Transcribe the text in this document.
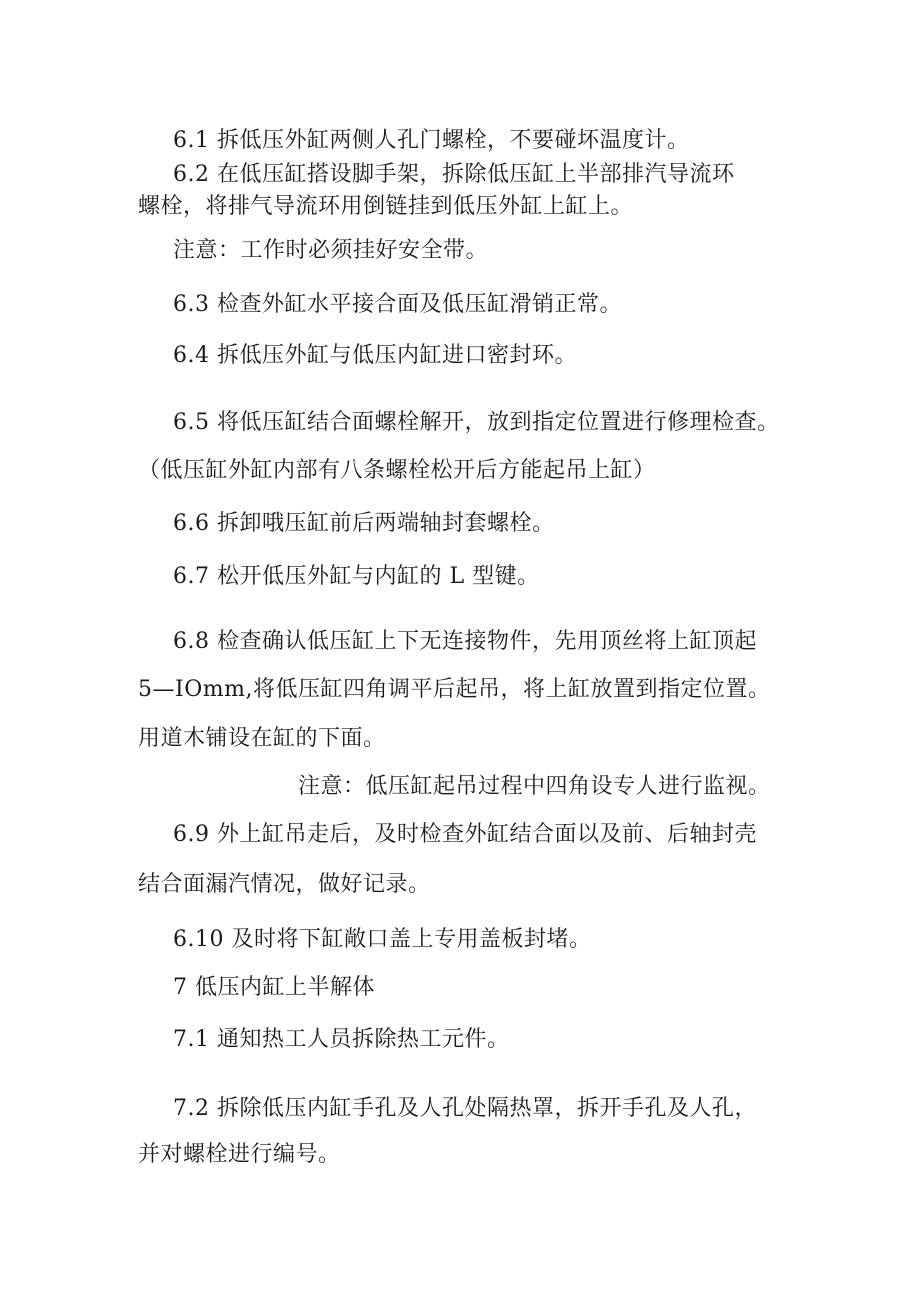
6.1 拆低压外缸两侧人孔门螺栓，不要碰坏温度计。
6.2 在低压缸搭设脚手架，拆除低压缸上半部排汽导流环
螺栓，将排气导流环用倒链挂到低压外缸上缸上。
注意：工作时必须挂好安全带。
6.3 检查外缸水平接合面及低压缸滑销正常。
6.4 拆低压外缸与低压内缸进口密封环。
6.5 将低压缸结合面螺栓解开，放到指定位置进行修理检查。
（低压缸外缸内部有八条螺栓松开后方能起吊上缸）
6.6 拆卸哦压缸前后两端轴封套螺栓。
6.7 松开低压外缸与内缸的 L 型键。
6.8 检查确认低压缸上下无连接物件，先用顶丝将上缸顶起
5—IOmm,将低压缸四角调平后起吊，将上缸放置到指定位置。
用道木铺设在缸的下面。
注意：低压缸起吊过程中四角设专人进行监视。
6.9 外上缸吊走后，及时检查外缸结合面以及前、后轴封壳
结合面漏汽情况，做好记录。
6.10 及时将下缸敞口盖上专用盖板封堵。
7 低压内缸上半解体
7.1 通知热工人员拆除热工元件。
7.2 拆除低压内缸手孔及人孔处隔热罩，拆开手孔及人孔，
并对螺栓进行编号。
